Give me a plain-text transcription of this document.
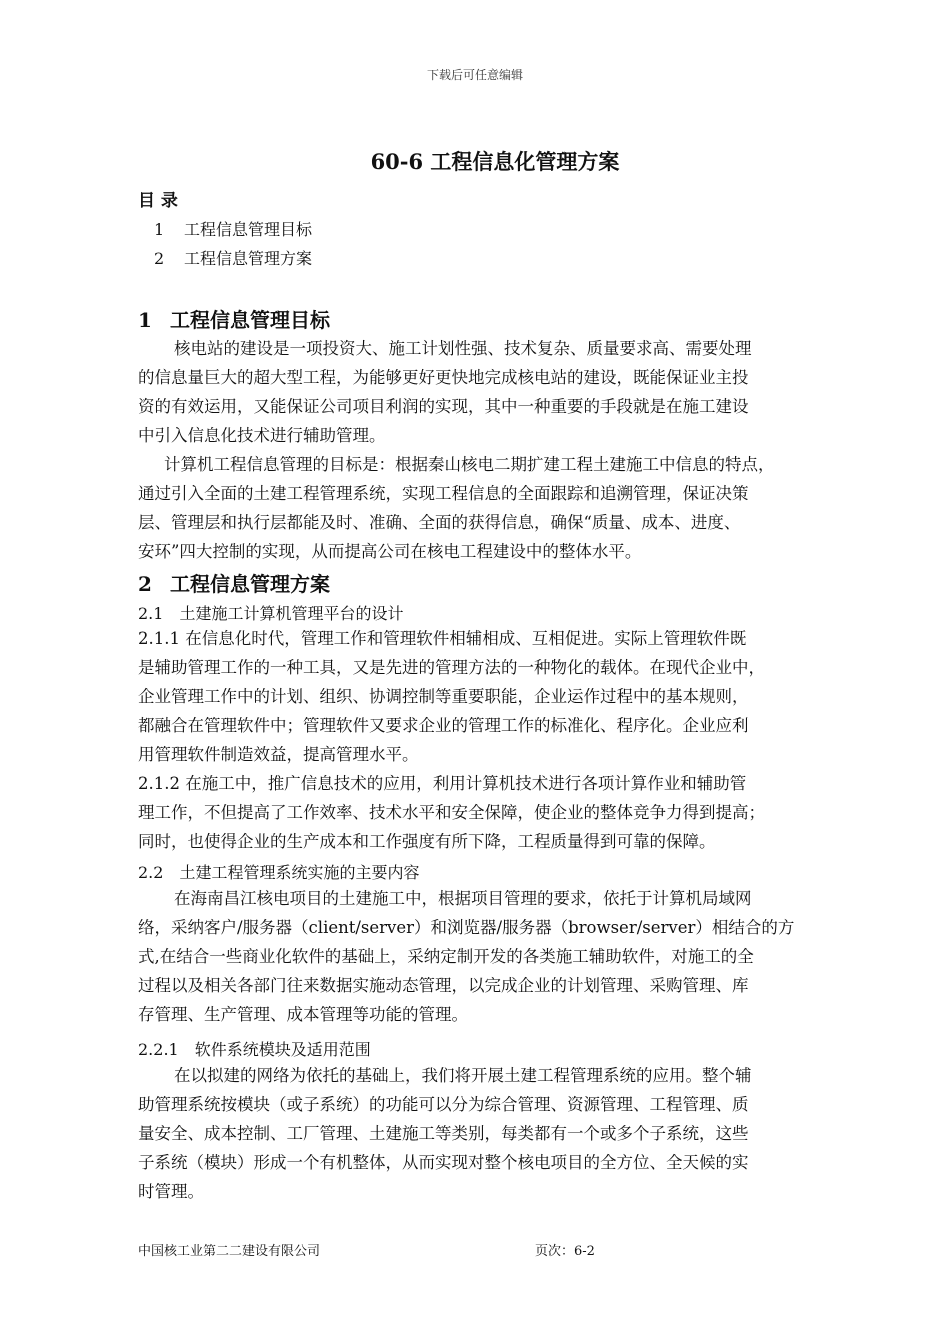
下载后可任意编辑
60-6 工程信息化管理方案
目 录
1 工程信息管理目标
2 工程信息管理方案
1 工程信息管理目标
核电站的建设是一项投资大、施工计划性强、技术复杂、质量要求高、需要处理
的信息量巨大的超大型工程，为能够更好更快地完成核电站的建设，既能保证业主投
资的有效运用，又能保证公司项目利润的实现，其中一种重要的手段就是在施工建设
中引入信息化技术进行辅助管理。
计算机工程信息管理的目标是：根据秦山核电二期扩建工程土建施工中信息的特点，
通过引入全面的土建工程管理系统，实现工程信息的全面跟踪和追溯管理，保证决策
层、管理层和执行层都能及时、准确、全面的获得信息，确保“质量、成本、进度、
安环”四大控制的实现，从而提高公司在核电工程建设中的整体水平。
2 工程信息管理方案
2.1　土建施工计算机管理平台的设计
2.1.1 在信息化时代，管理工作和管理软件相辅相成、互相促进。实际上管理软件既
是辅助管理工作的一种工具，又是先进的管理方法的一种物化的载体。在现代企业中，
企业管理工作中的计划、组织、协调控制等重要职能，企业运作过程中的基本规则，
都融合在管理软件中；管理软件又要求企业的管理工作的标准化、程序化。企业应利
用管理软件制造效益，提高管理水平。
2.1.2 在施工中，推广信息技术的应用，利用计算机技术进行各项计算作业和辅助管
理工作，不但提高了工作效率、技术水平和安全保障，使企业的整体竞争力得到提高；
同时，也使得企业的生产成本和工作强度有所下降，工程质量得到可靠的保障。
2.2　土建工程管理系统实施的主要内容
在海南昌江核电项目的土建施工中，根据项目管理的要求，依托于计算机局域网
络，采纳客户/服务器（client/server）和浏览器/服务器（browser/server）相结合的方
式,在结合一些商业化软件的基础上，采纳定制开发的各类施工辅助软件，对施工的全
过程以及相关各部门往来数据实施动态管理，以完成企业的计划管理、采购管理、库
存管理、生产管理、成本管理等功能的管理。
2.2.1　软件系统模块及适用范围
在以拟建的网络为依托的基础上，我们将开展土建工程管理系统的应用。整个辅
助管理系统按模块（或子系统）的功能可以分为综合管理、资源管理、工程管理、质
量安全、成本控制、工厂管理、土建施工等类别，每类都有一个或多个子系统，这些
子系统（模块）形成一个有机整体，从而实现对整个核电项目的全方位、全天候的实
时管理。
中国核工业第二二建设有限公司	页次：6-2
